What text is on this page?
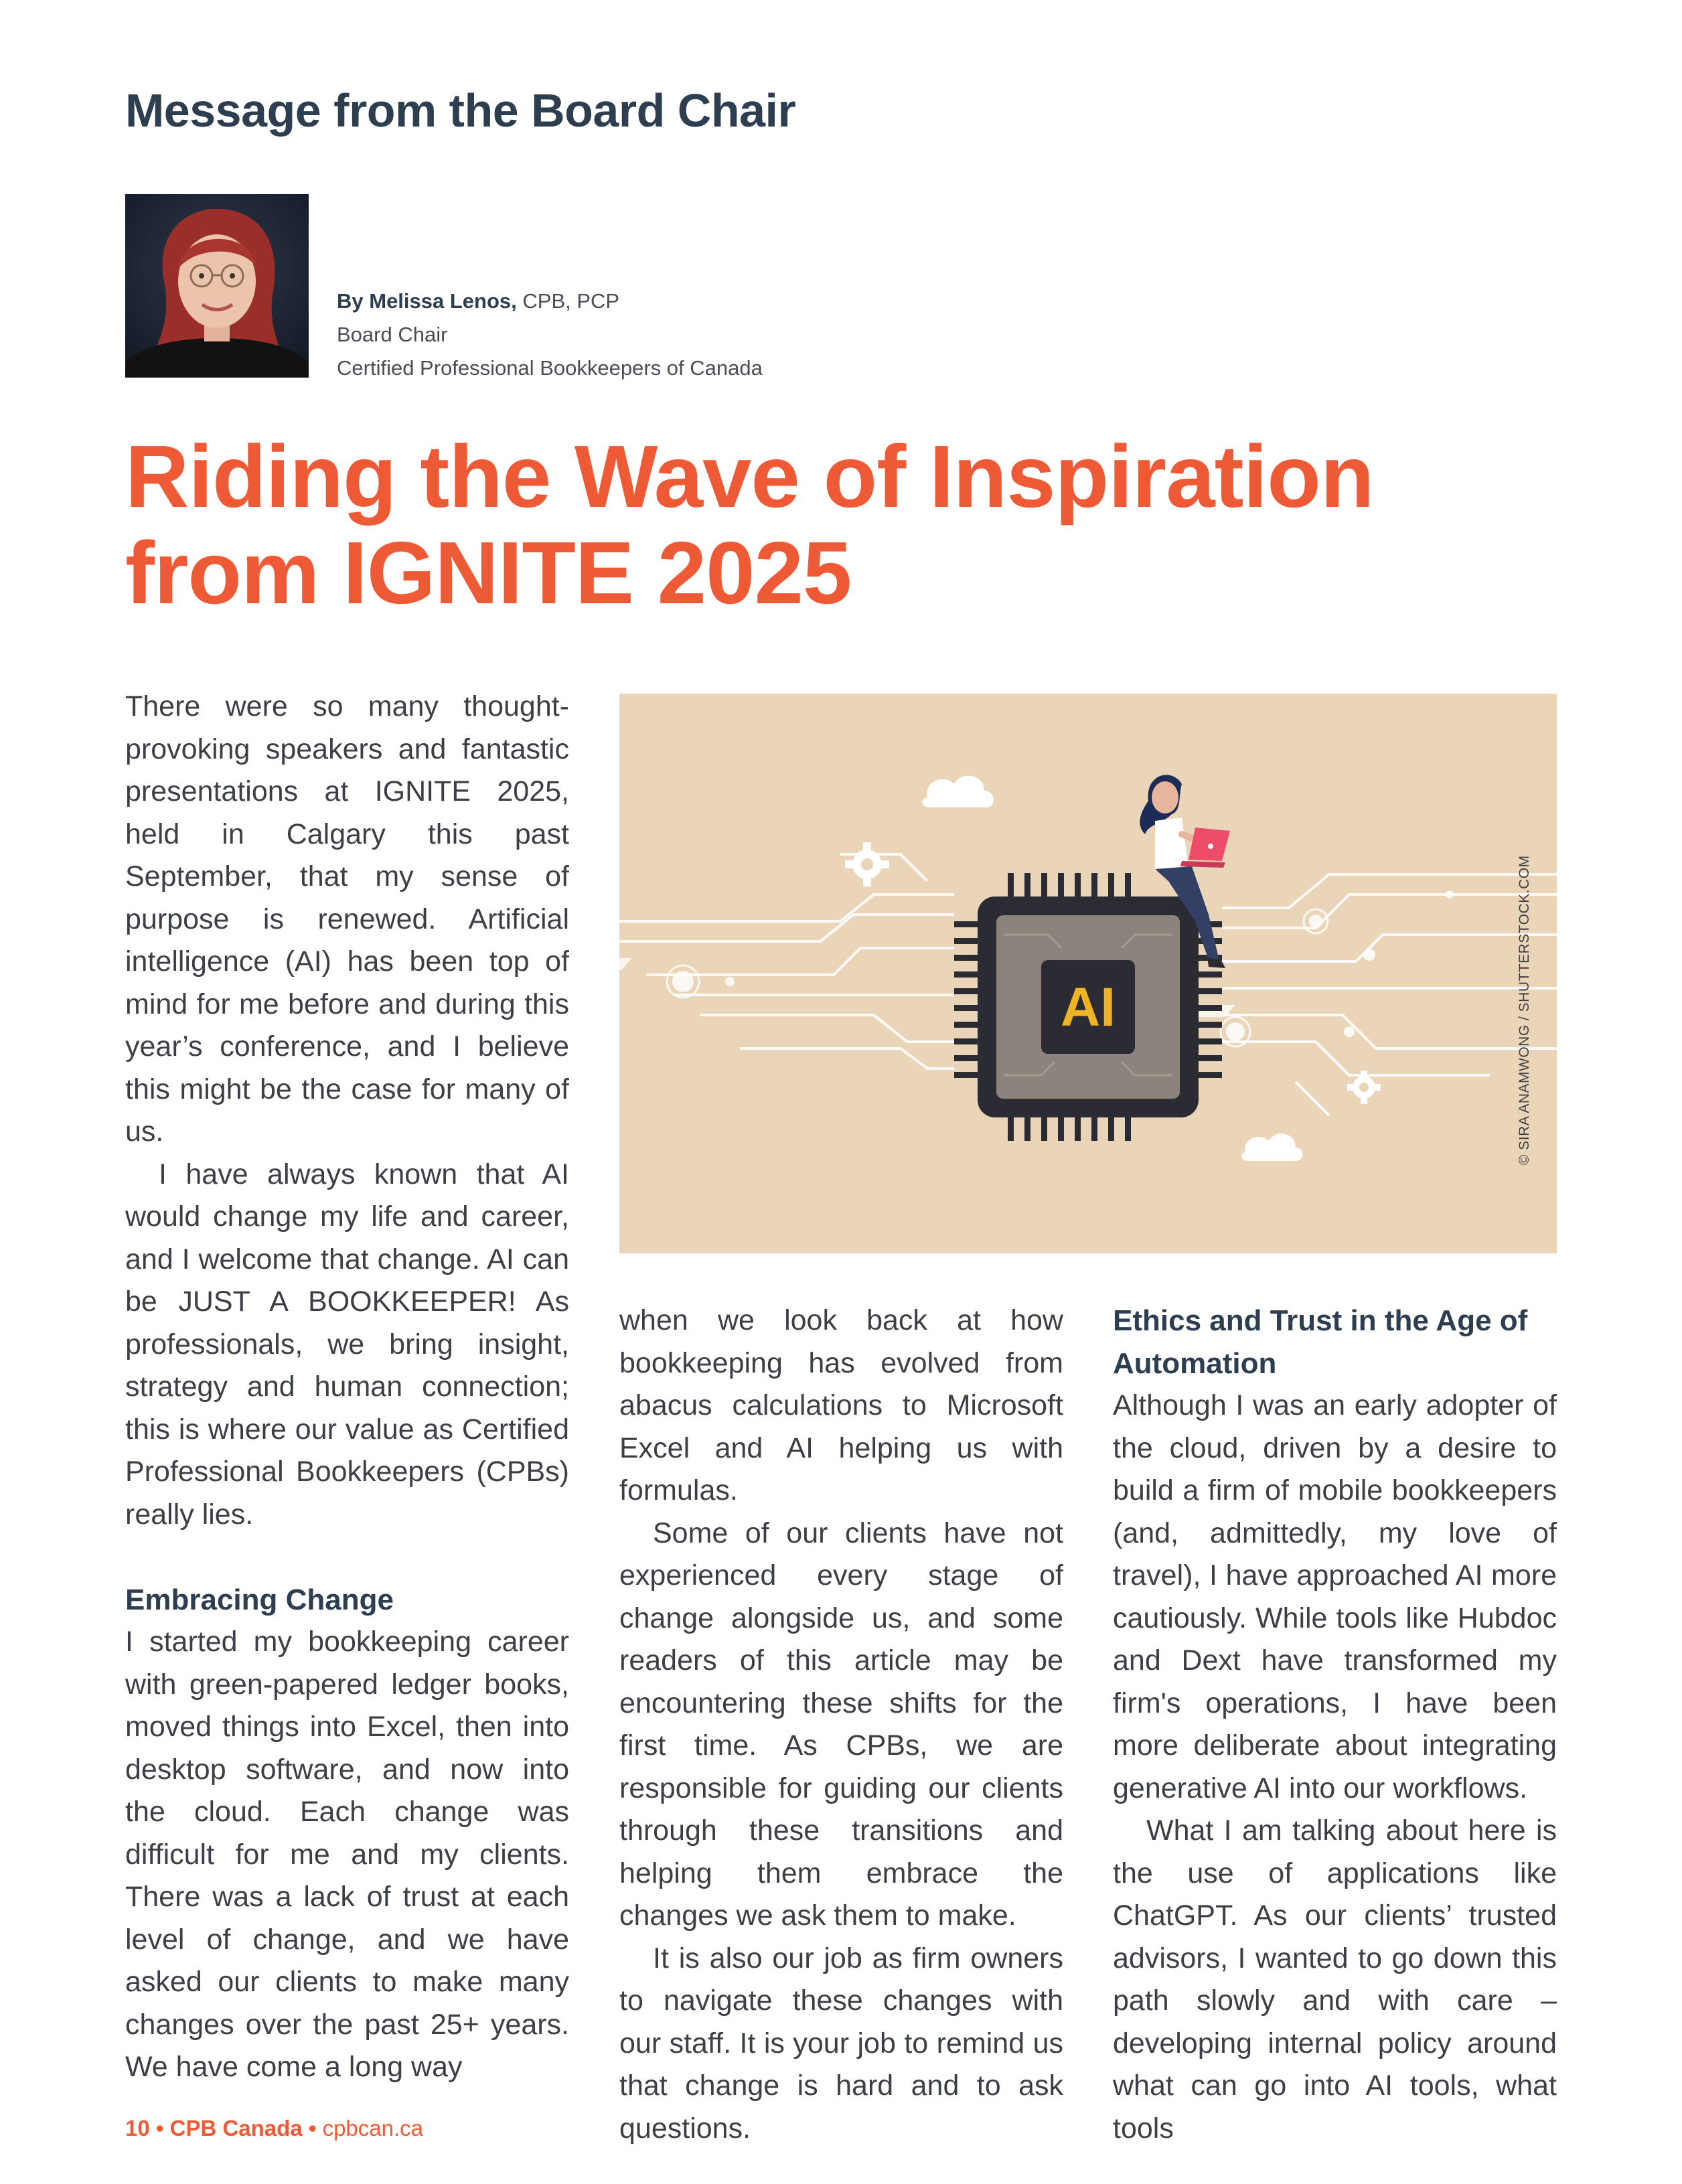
Message from the Board Chair
By Melissa Lenos, CPB, PCP
Board Chair
Certified Professional Bookkeepers of Canada
Riding the Wave of Inspiration
from IGNITE 2025

There were so many thought-provoking speakers and fantastic presentations at IGNITE 2025, held in Calgary this past September, that my sense of purpose is renewed. Artificial intelligence (AI) has been top of mind for me before and during this year’s conference, and I believe this might be the case for many of us.

I have always known that AI would change my life and career, and I welcome that change. AI can be JUST A BOOKKEEPER! As professionals, we bring insight, strategy and human connection; this is where our value as Certified Professional Bookkeepers (CPBs) really lies.

Embracing Change

I started my bookkeeping career with green-papered ledger books, moved things into Excel, then into desktop software, and now into the cloud. Each change was difficult for me and my clients. There was a lack of trust at each level of change, and we have asked our clients to make many changes over the past 25+ years. We have come a long way

AI	© SIRA ANAMWONG / SHUTTERSTOCK.COM

when we look back at how bookkeeping has evolved from abacus calculations to Microsoft Excel and AI helping us with formulas.

Some of our clients have not experienced every stage of change alongside us, and some readers of this article may be encountering these shifts for the first time. As CPBs, we are responsible for guiding our clients through these transitions and helping them embrace the changes we ask them to make.

It is also our job as firm owners to navigate these changes with our staff. It is your job to remind us that change is hard and to ask questions.

Ethics and Trust in the Age of Automation

Although I was an early adopter of the cloud, driven by a desire to build a firm of mobile bookkeepers (and, admittedly, my love of travel), I have approached AI more cautiously. While tools like Hubdoc and Dext have transformed my firm's operations, I have been more deliberate about integrating generative AI into our workflows.

What I am talking about here is the use of applications like ChatGPT. As our clients’ trusted advisors, I wanted to go down this path slowly and with care – developing internal policy around what can go into AI tools, what tools

10 • CPB Canada • cpbcan.ca
